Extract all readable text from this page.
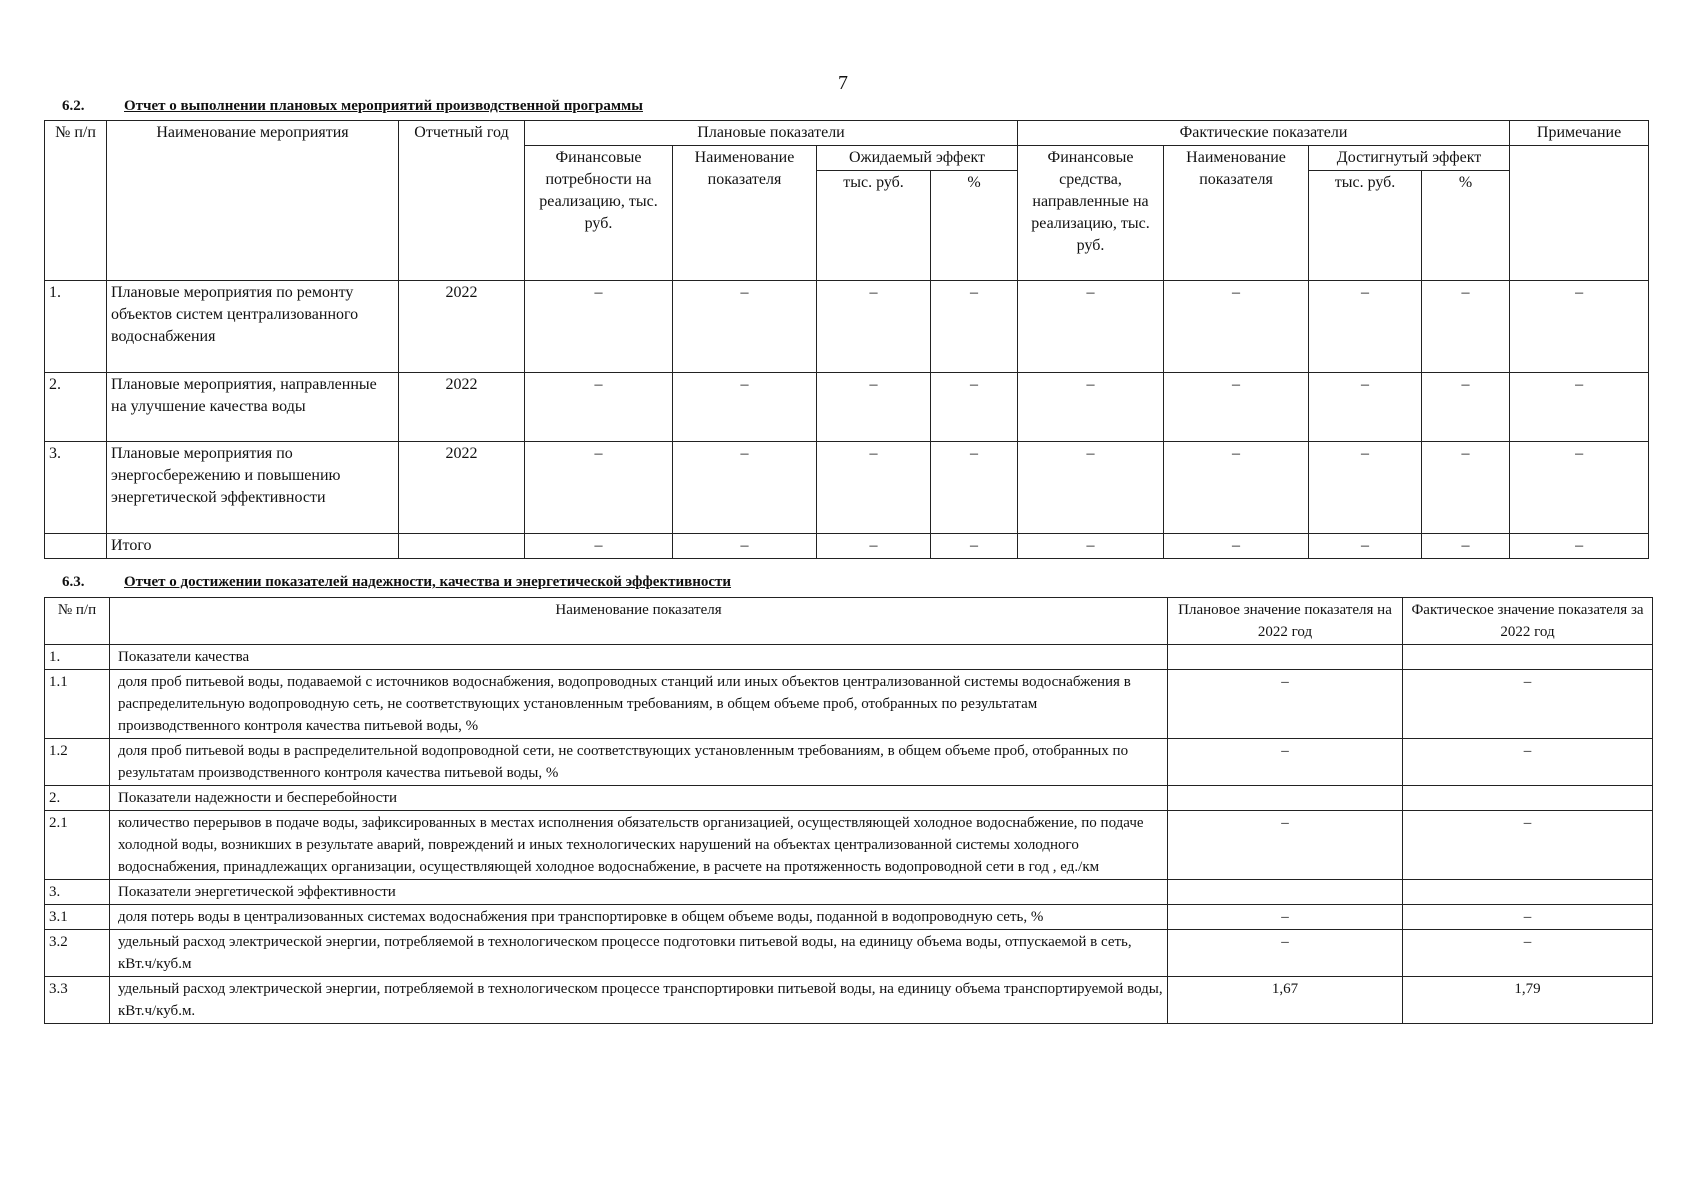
7
6.2.	Отчет о выполнении плановых мероприятий производственной программы
№ п/п	Наименование мероприятия	Отчетный год	Плановые показатели				Фактические показатели				Примечание
			Финансовые потребности на реализацию, тыс. руб.	Наименование показателя	Ожидаемый эффект		Финансовые средства, направленные на реализацию, тыс. руб.	Наименование показателя	Достигнутый эффект		
					тыс. руб.	%			тыс. руб.	%	
1.	Плановые мероприятия по ремонту объектов систем централизованного водоснабжения	2022	–	–	–	–	–	–	–	–	–
2.	Плановые мероприятия, направленные на улучшение качества воды	2022	–	–	–	–	–	–	–	–	–
3.	Плановые мероприятия по энергосбережению и повышению энергетической эффективности	2022	–	–	–	–	–	–	–	–	–
	Итого		–	–	–	–	–	–	–	–	–
6.3.	Отчет о достижении показателей надежности, качества и энергетической эффективности
№ п/п	Наименование показателя	Плановое значение показателя на 2022 год	Фактическое значение показателя за 2022 год
1.	Показатели качества		
1.1	доля проб питьевой воды, подаваемой с источников водоснабжения, водопроводных станций или иных объектов централизованной системы водоснабжения в распределительную водопроводную сеть, не соответствующих установленным требованиям, в общем объеме проб, отобранных по результатам производственного контроля качества питьевой воды, %	–	–
1.2	доля проб питьевой воды в распределительной водопроводной сети, не соответствующих установленным требованиям, в общем объеме проб, отобранных по результатам производственного контроля качества питьевой воды, %	–	–
2.	Показатели надежности и бесперебойности		
2.1	количество перерывов в подаче воды, зафиксированных в местах исполнения обязательств организацией, осуществляющей холодное водоснабжение, по подаче холодной воды, возникших в результате аварий, повреждений и иных технологических нарушений на объектах централизованной системы холодного водоснабжения, принадлежащих организации, осуществляющей холодное водоснабжение, в расчете на протяженность водопроводной сети в год , ед./км	–	–
3.	Показатели энергетической эффективности		
3.1	доля потерь воды в централизованных системах водоснабжения при транспортировке в общем объеме воды, поданной в водопроводную сеть, %	–	–
3.2	удельный расход электрической энергии, потребляемой в технологическом процессе подготовки питьевой воды, на единицу объема воды, отпускаемой в сеть, кВт.ч/куб.м	–	–
3.3	удельный расход электрической энергии, потребляемой в технологическом процессе транспортировки питьевой воды, на единицу объема транспортируемой воды, кВт.ч/куб.м.	1,67	1,79
